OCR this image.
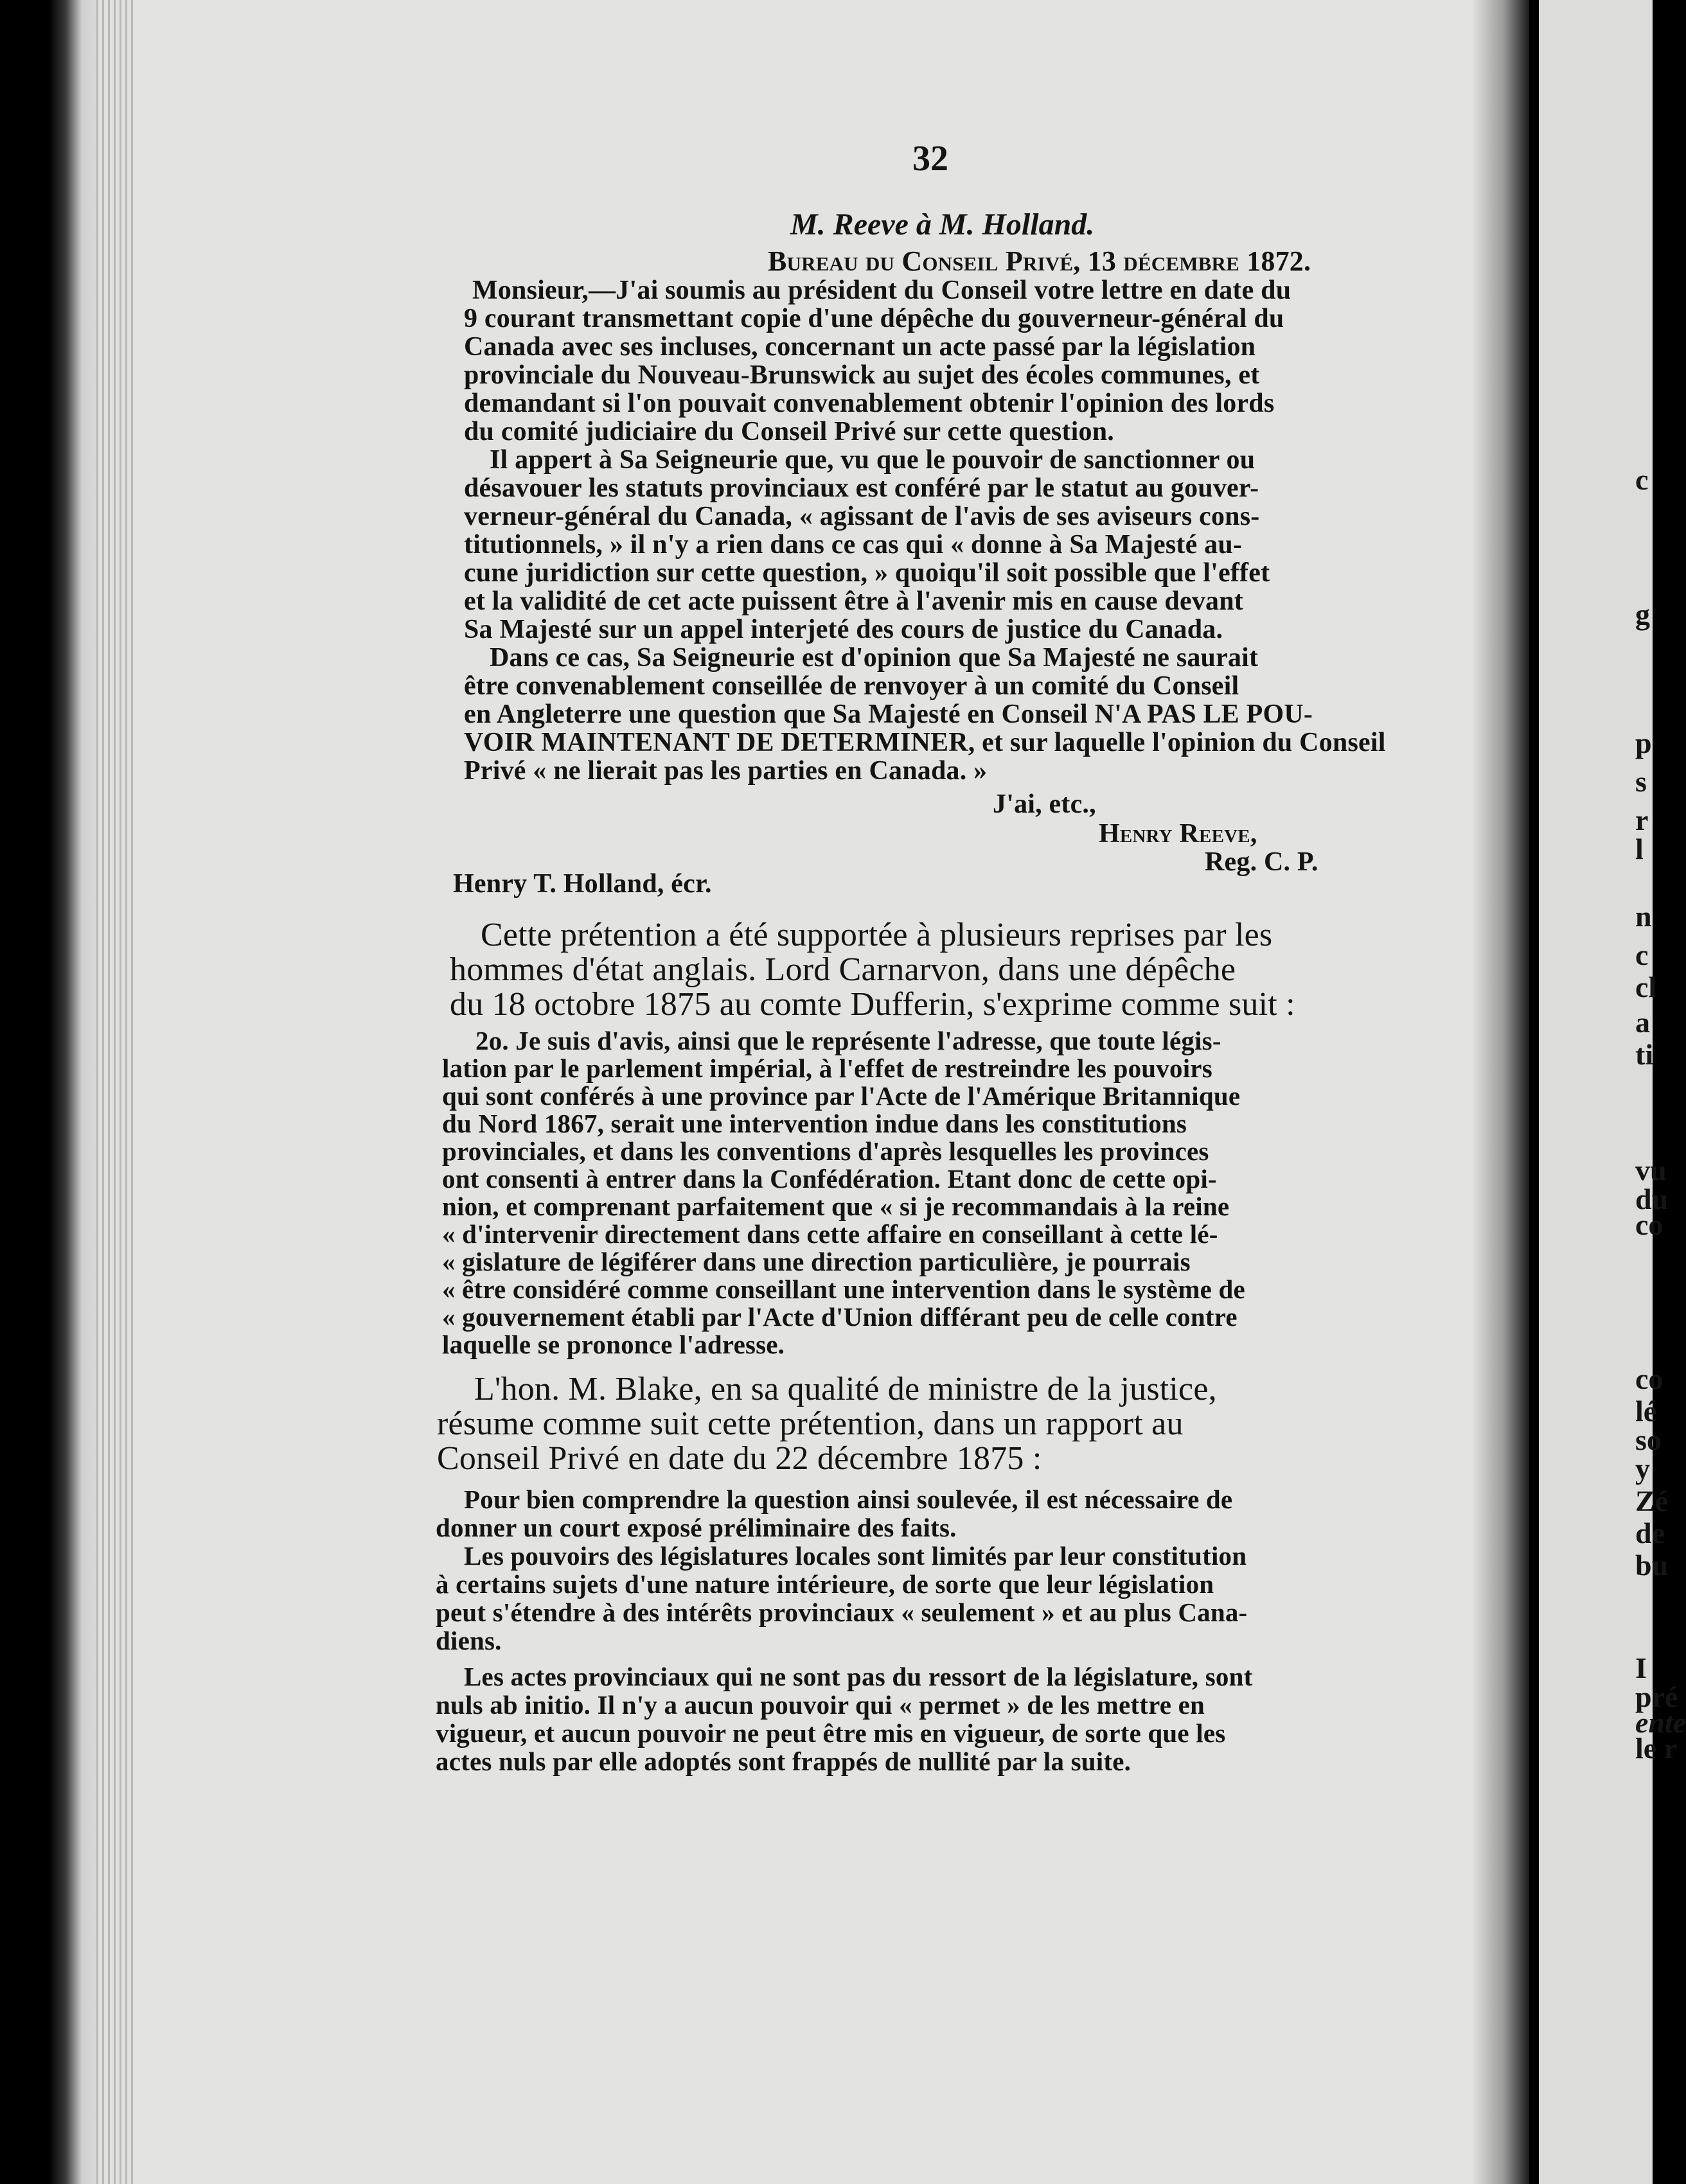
c
g
p
s
r
l
n
c
cl
a
ti
vu
du
co
co
lé
so
y
Zé
de
bu
I
pré
ente
le r
32
M. Reeve à M. Holland.
Bureau du Conseil Privé, 13 décembre 1872.
Monsieur,—J'ai soumis au président du Conseil votre lettre en date du
9 courant transmettant copie d'une dépêche du gouverneur-général du
Canada avec ses incluses, concernant un acte passé par la législation
provinciale du Nouveau-Brunswick au sujet des écoles communes, et
demandant si l'on pouvait convenablement obtenir l'opinion des lords
du comité judiciaire du Conseil Privé sur cette question.
Il appert à Sa Seigneurie que, vu que le pouvoir de sanctionner ou
désavouer les statuts provinciaux est conféré par le statut au gouver-
verneur-général du Canada, « agissant de l'avis de ses aviseurs cons-
titutionnels, » il n'y a rien dans ce cas qui « donne à Sa Majesté au-
cune juridiction sur cette question, » quoiqu'il soit possible que l'effet
et la validité de cet acte puissent être à l'avenir mis en cause devant
Sa Majesté sur un appel interjeté des cours de justice du Canada.
Dans ce cas, Sa Seigneurie est d'opinion que Sa Majesté ne saurait
être convenablement conseillée de renvoyer à un comité du Conseil
en Angleterre une question que Sa Majesté en Conseil N'A PAS LE POU-
VOIR MAINTENANT DE DETERMINER, et sur laquelle l'opinion du Conseil
Privé « ne lierait pas les parties en Canada. »
J'ai, etc.,
Henry Reeve,
Reg. C. P.
Henry T. Holland, écr.
Cette prétention a été supportée à plusieurs reprises par les
hommes d'état anglais. Lord Carnarvon, dans une dépêche
du 18 octobre 1875 au comte Dufferin, s'exprime comme suit :
2o. Je suis d'avis, ainsi que le représente l'adresse, que toute légis-
lation par le parlement impérial, à l'effet de restreindre les pouvoirs
qui sont conférés à une province par l'Acte de l'Amérique Britannique
du Nord 1867, serait une intervention indue dans les constitutions
provinciales, et dans les conventions d'après lesquelles les provinces
ont consenti à entrer dans la Confédération. Etant donc de cette opi-
nion, et comprenant parfaitement que « si je recommandais à la reine
« d'intervenir directement dans cette affaire en conseillant à cette lé-
« gislature de légiférer dans une direction particulière, je pourrais
« être considéré comme conseillant une intervention dans le système de
« gouvernement établi par l'Acte d'Union différant peu de celle contre
laquelle se prononce l'adresse.
L'hon. M. Blake, en sa qualité de ministre de la justice,
résume comme suit cette prétention, dans un rapport au
Conseil Privé en date du 22 décembre 1875 :
Pour bien comprendre la question ainsi soulevée, il est nécessaire de
donner un court exposé préliminaire des faits.
Les pouvoirs des législatures locales sont limités par leur constitution
à certains sujets d'une nature intérieure, de sorte que leur législation
peut s'étendre à des intérêts provinciaux « seulement » et au plus Cana-
diens.
Les actes provinciaux qui ne sont pas du ressort de la législature, sont
nuls ab initio. Il n'y a aucun pouvoir qui « permet » de les mettre en
vigueur, et aucun pouvoir ne peut être mis en vigueur, de sorte que les
actes nuls par elle adoptés sont frappés de nullité par la suite.
